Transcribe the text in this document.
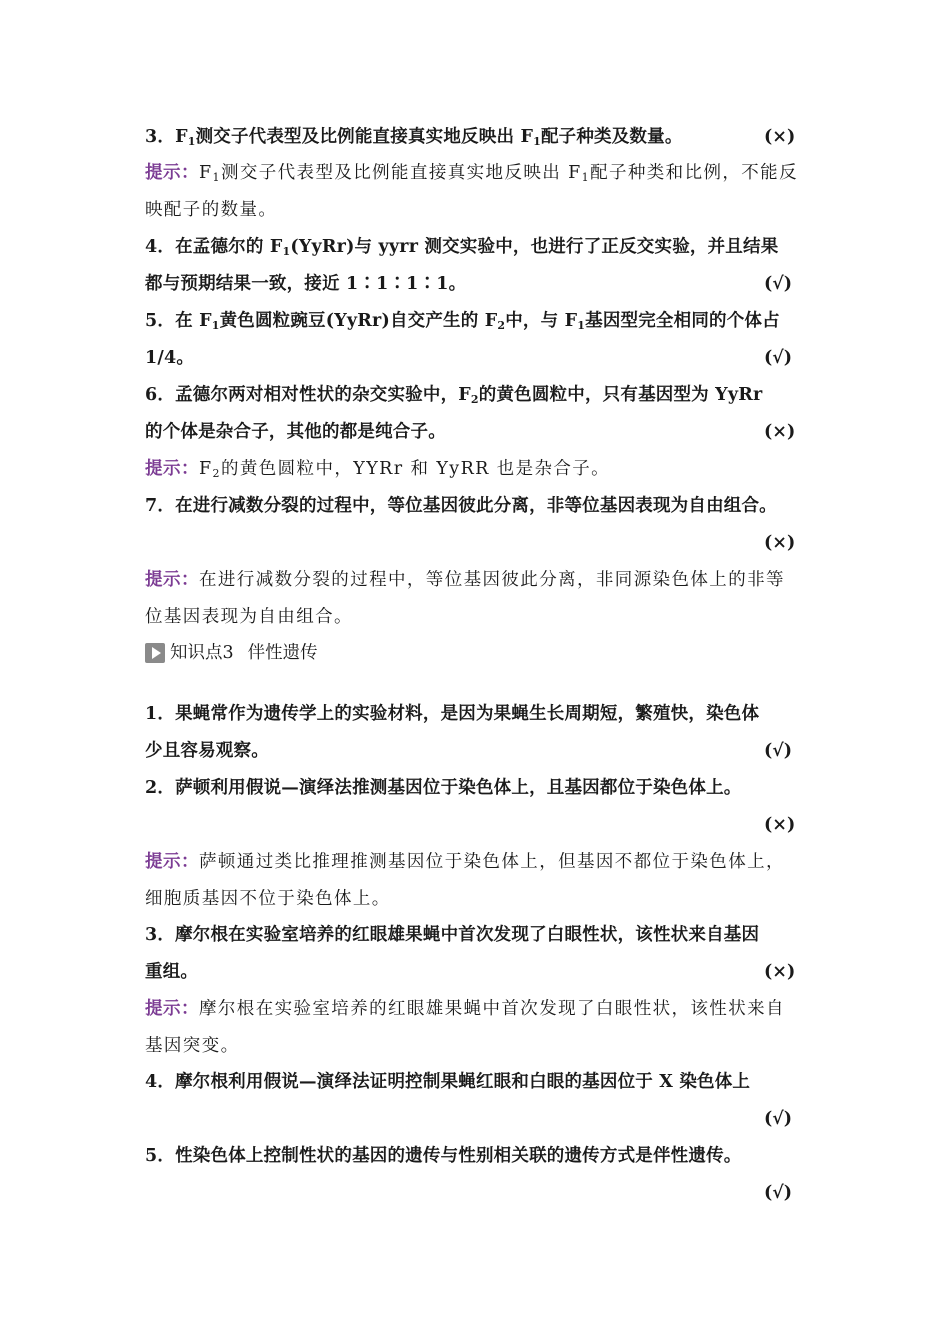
3．$F_1$测交子代表型及比例能直接真实地反映出 $F_1$配子种类及数量。	(×)
提示：$F_1$测交子代表型及比例能直接真实地反映出 $F_1$配子种类和比例，不能反
映配子的数量。
4．在孟德尔的 $F_1(YyRr)$与 yyrr 测交实验中，也进行了正反交实验，并且结果
都与预期结果一致，接近 1∶1∶1∶1。	(√)
5．在 $F_1$黄色圆粒豌豆(YyRr)自交产生的 $F_2$中，与 $F_1$基因型完全相同的个体占
1/4。	(√)
6．孟德尔两对相对性状的杂交实验中，$F_2$的黄色圆粒中，只有基因型为 YyRr
的个体是杂合子，其他的都是纯合子。	(×)
提示：$F_2$的黄色圆粒中，YYRr 和 YyRR 也是杂合子。
7．在进行减数分裂的过程中，等位基因彼此分离，非等位基因表现为自由组合。
(×)
提示：在进行减数分裂的过程中，等位基因彼此分离，非同源染色体上的非等
位基因表现为自由组合。
知识点3 伴性遗传
1．果蝇常作为遗传学上的实验材料，是因为果蝇生长周期短，繁殖快，染色体
少且容易观察。	(√)
2．萨顿利用假说—演绎法推测基因位于染色体上，且基因都位于染色体上。
(×)
提示：萨顿通过类比推理推测基因位于染色体上，但基因不都位于染色体上，
细胞质基因不位于染色体上。
3．摩尔根在实验室培养的红眼雄果蝇中首次发现了白眼性状，该性状来自基因
重组。	(×)
提示：摩尔根在实验室培养的红眼雄果蝇中首次发现了白眼性状，该性状来自
基因突变。
4．摩尔根利用假说—演绎法证明控制果蝇红眼和白眼的基因位于 X 染色体上
(√)
5．性染色体上控制性状的基因的遗传与性别相关联的遗传方式是伴性遗传。
(√)
